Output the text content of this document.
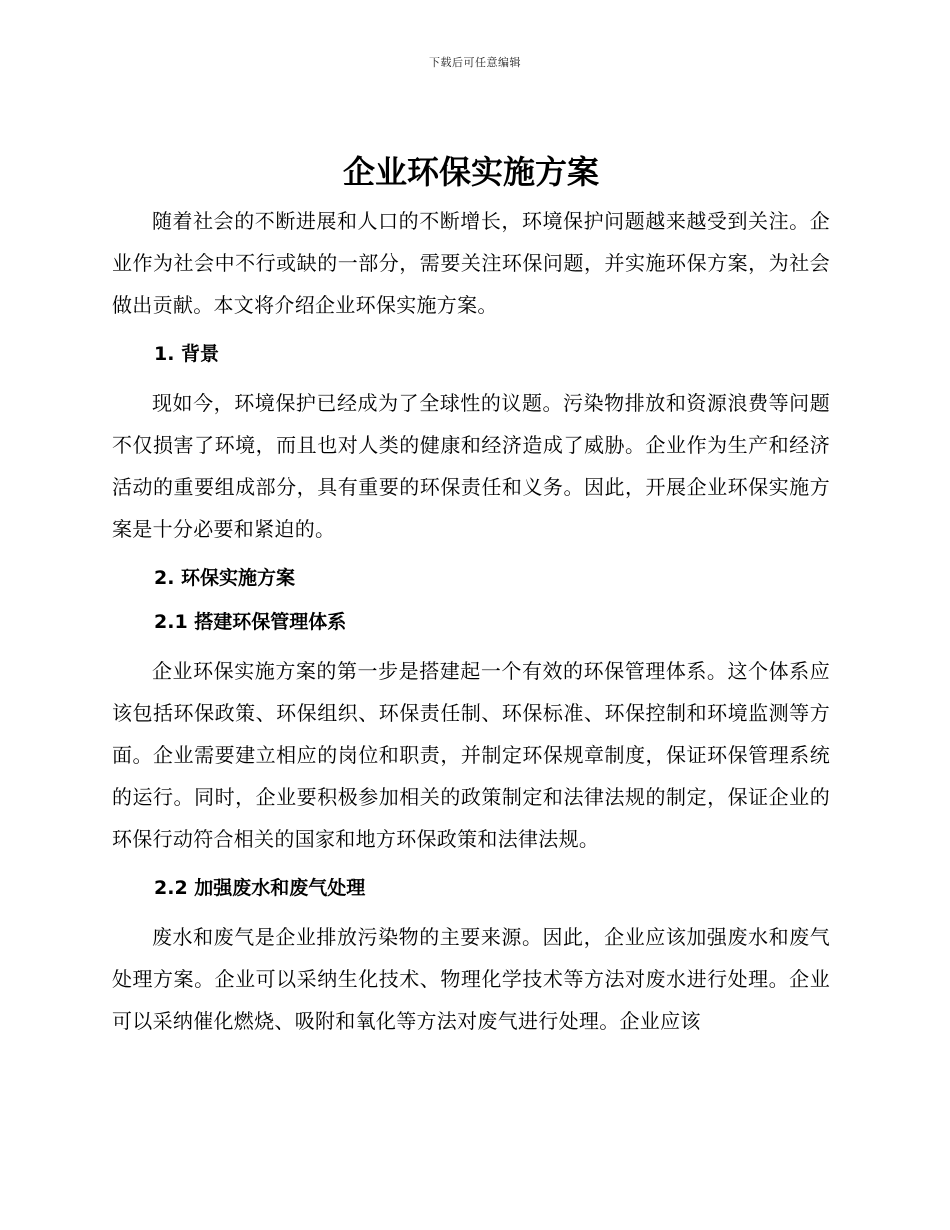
下载后可任意编辑
企业环保实施方案

随着社会的不断进展和人口的不断增长，环境保护问题越来越受到关注。企业作为社会中不行或缺的一部分，需要关注环保问题，并实施环保方案，为社会做出贡献。本文将介绍企业环保实施方案。

1. 背景

现如今，环境保护已经成为了全球性的议题。污染物排放和资源浪费等问题不仅损害了环境，而且也对人类的健康和经济造成了威胁。企业作为生产和经济活动的重要组成部分，具有重要的环保责任和义务。因此，开展企业环保实施方案是十分必要和紧迫的。

2. 环保实施方案
2.1 搭建环保管理体系

企业环保实施方案的第一步是搭建起一个有效的环保管理体系。这个体系应该包括环保政策、环保组织、环保责任制、环保标准、环保控制和环境监测等方面。企业需要建立相应的岗位和职责，并制定环保规章制度，保证环保管理系统的运行。同时，企业要积极参加相关的政策制定和法律法规的制定，保证企业的环保行动符合相关的国家和地方环保政策和法律法规。

2.2 加强废水和废气处理

废水和废气是企业排放污染物的主要来源。因此，企业应该加强废水和废气处理方案。企业可以采纳生化技术、物理化学技术等方法对废水进行处理。企业可以采纳催化燃烧、吸附和氧化等方法对废气进行处理。企业应该
